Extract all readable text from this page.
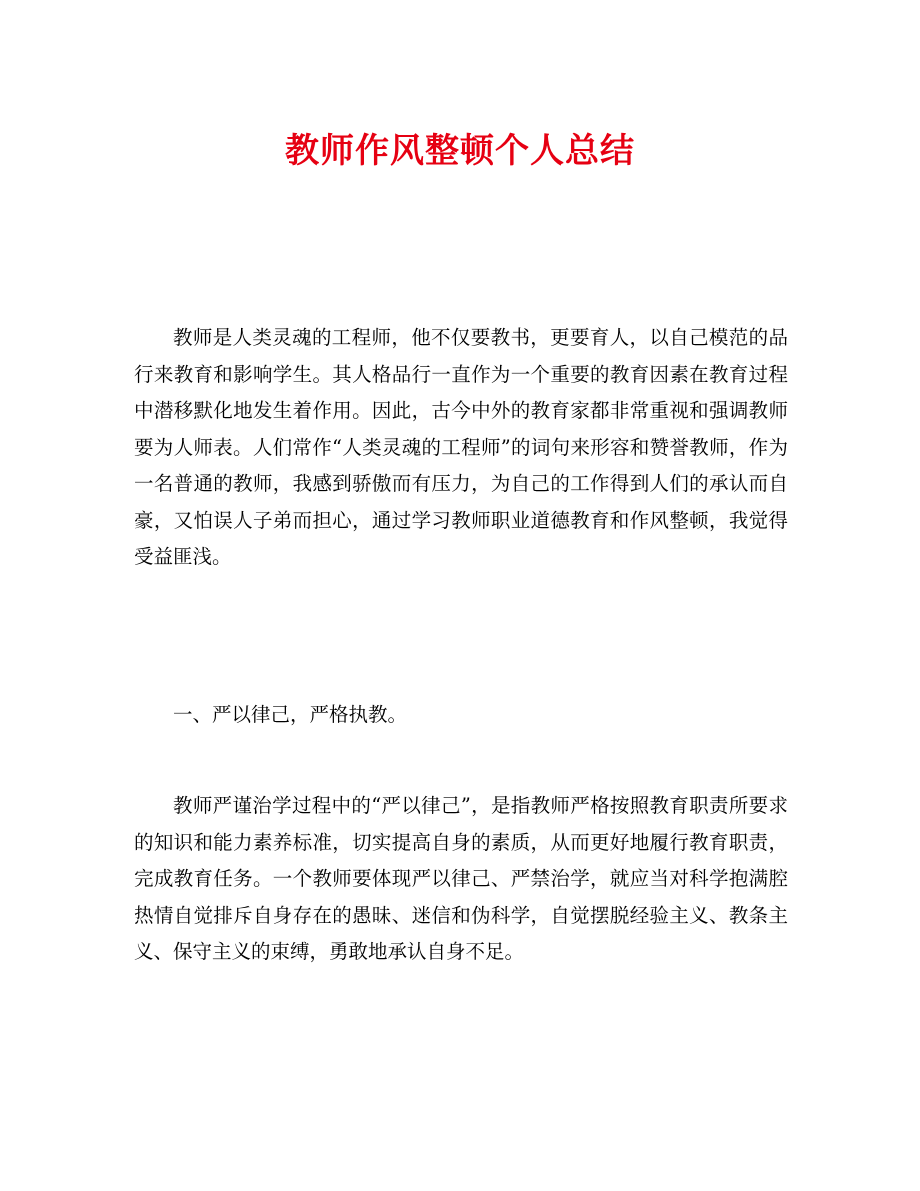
教师作风整顿个人总结

教师是人类灵魂的工程师，他不仅要教书，更要育人，以自己模范的品行来教育和影响学生。其人格品行一直作为一个重要的教育因素在教育过程中潜移默化地发生着作用。因此，古今中外的教育家都非常重视和强调教师要为人师表。人们常作“人类灵魂的工程师”的词句来形容和赞誉教师，作为一名普通的教师，我感到骄傲而有压力，为自己的工作得到人们的承认而自豪，又怕误人子弟而担心，通过学习教师职业道德教育和作风整顿，我觉得受益匪浅。

一、严以律己，严格执教。

教师严谨治学过程中的“严以律己”，是指教师严格按照教育职责所要求的知识和能力素养标准，切实提高自身的素质，从而更好地履行教育职责，完成教育任务。一个教师要体现严以律己、严禁治学，就应当对科学抱满腔热情自觉排斥自身存在的愚昧、迷信和伪科学，自觉摆脱经验主义、教条主义、保守主义的束缚，勇敢地承认自身不足。
